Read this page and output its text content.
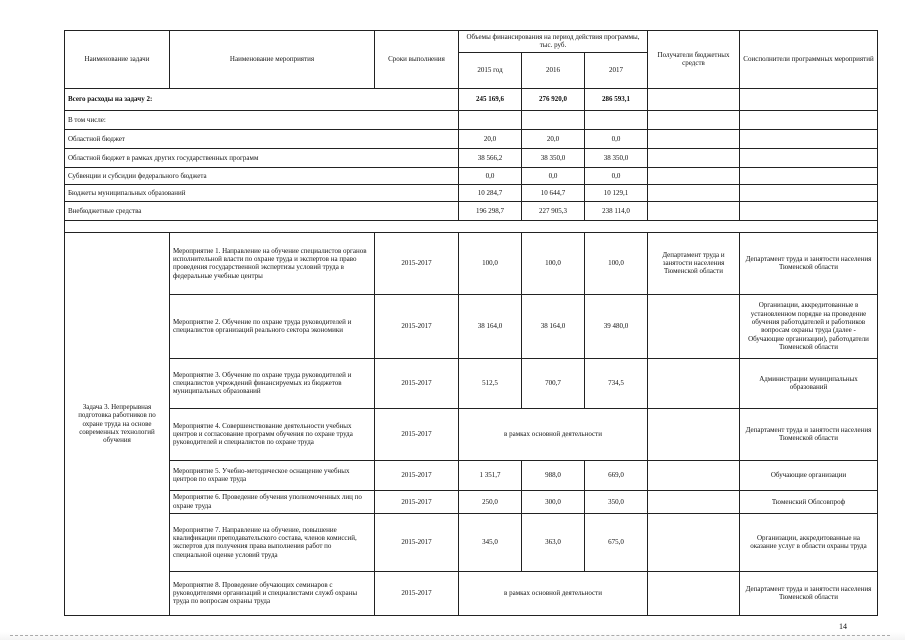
Наименование задачи	Наименование мероприятия	Сроки выполнения	Объемы финансирования на период действия программы, тыс. руб.			Получатели бюджетных средств	Соисполнители программных мероприятий
			2015 год	2016	2017		
Всего расходы на задачу 2:			245 169,6	276 920,0	286 593,1		
В том числе:							
Областной бюджет			20,0	20,0	0,0		
Областной бюджет в рамках других государственных программ			38 566,2	38 350,0	38 350,0		
Субвенции и субсидии федерального бюджета			0,0	0,0	0,0		
Бюджеты муниципальных образований			10 284,7	10 644,7	10 129,1		
Внебюджетные средства			196 298,7	227 905,3	238 114,0		

Задача 3. Непрерывная подготовка работников по охране труда на основе современных технологий обучения	Мероприятие 1. Направление на обучение специалистов органов исполнительной власти по охране труда и экспертов на право проведения государственной экспертизы условий труда в федеральные учебные центры	2015-2017	100,0	100,0	100,0	Департамент труда и занятости населения Тюменской области	Департамент труда и занятости населения Тюменской области
	Мероприятие 2. Обучение по охране труда руководителей и специалистов организаций реального сектора экономики	2015-2017	38 164,0	38 164,0	39 480,0		Организации, аккредитованные в установленном порядке на проведение обучения работодателей и работников вопросам охраны труда (далее - Обучающие организации), работодатели Тюменской области
	Мероприятие 3. Обучение по охране труда руководителей и специалистов учреждений финансируемых из бюджетов муниципальных образований	2015-2017	512,5	700,7	734,5		Администрации муниципальных образований
	Мероприятие 4. Совершенствование деятельности учебных центров и согласование программ обучения по охране труда руководителей и специалистов по охране труда	2015-2017	в рамках основной деятельности				Департамент труда и занятости населения Тюменской области
	Мероприятие 5. Учебно-методическое оснащение учебных центров по охране труда	2015-2017	1 351,7	988,0	669,0		Обучающие организации
	Мероприятие 6. Проведение обучения уполномоченных лиц по охране труда	2015-2017	250,0	300,0	350,0		Тюменский Облсовпроф
	Мероприятие 7. Направление на обучение, повышение квалификации преподавательского состава, членов комиссий, экспертов для получения права выполнения работ по специальной оценке условий труда	2015-2017	345,0	363,0	675,0		Организации, аккредитованные на оказание услуг в области охраны труда
	Мероприятие 8. Проведение обучающих семинаров с руководителями организаций и специалистами служб охраны труда по вопросам охраны труда	2015-2017	в рамках основной деятельности				Департамент труда и занятости населения Тюменской области
14
